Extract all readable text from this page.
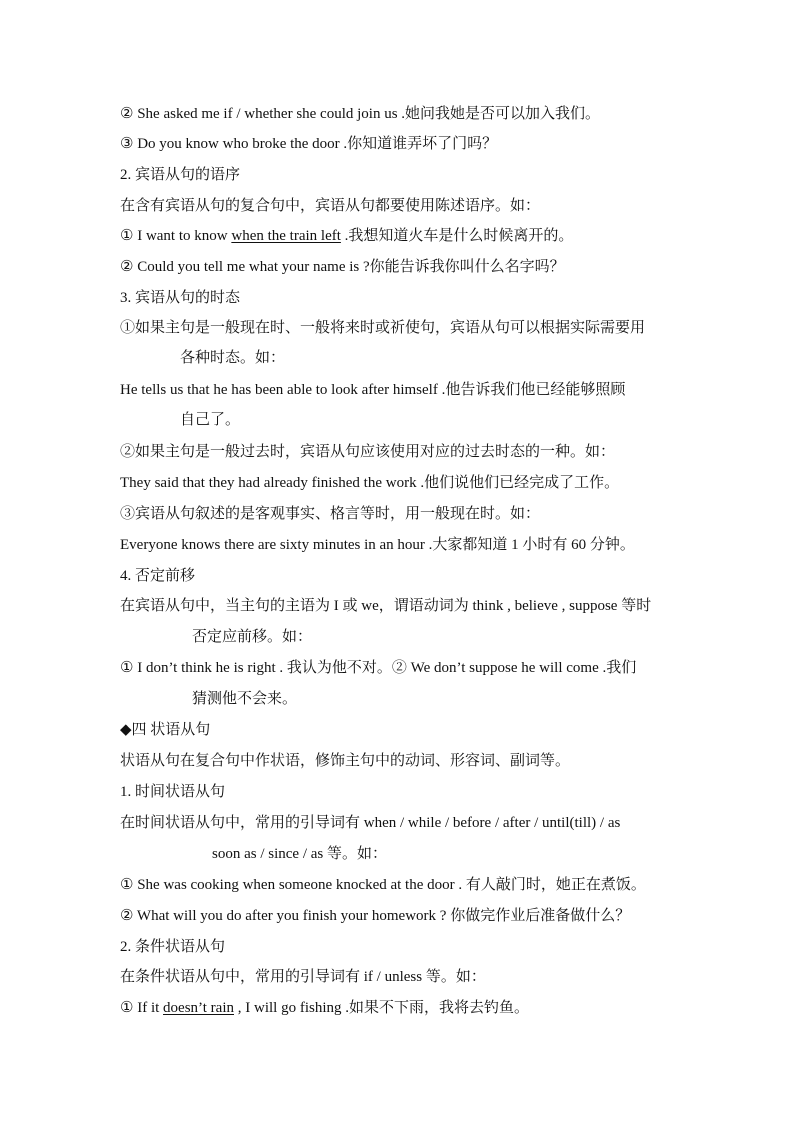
② She asked me if / whether she could join us .她问我她是否可以加入我们。
③ Do you know who broke the door .你知道谁弄坏了门吗？
2. 宾语从句的语序
在含有宾语从句的复合句中，宾语从句都要使用陈述语序。如：
① I want to know when the train left .我想知道火车是什么时候离开的。
② Could you tell me what your name is ?你能告诉我你叫什么名字吗？
3. 宾语从句的时态
①如果主句是一般现在时、一般将来时或祈使句，宾语从句可以根据实际需要用
各种时态。如：
He tells us that he has been able to look after himself .他告诉我们他已经能够照顾
自己了。
②如果主句是一般过去时，宾语从句应该使用对应的过去时态的一种。如：
They said that they had already finished the work .他们说他们已经完成了工作。
③宾语从句叙述的是客观事实、格言等时，用一般现在时。如：
Everyone knows there are sixty minutes in an hour .大家都知道 1 小时有 60 分钟。
4. 否定前移
在宾语从句中，当主句的主语为 I 或 we，谓语动词为 think , believe , suppose 等时
否定应前移。如：
① I don’t think he is right . 我认为他不对。② We don’t suppose he will come .我们
猜测他不会来。
◆四 状语从句
状语从句在复合句中作状语，修饰主句中的动词、形容词、副词等。
1. 时间状语从句
在时间状语从句中，常用的引导词有 when / while / before / after / until(till) / as
soon as / since / as 等。如：
① She was cooking when someone knocked at the door . 有人敲门时，她正在煮饭。
② What will you do after you finish your homework ? 你做完作业后准备做什么？
2. 条件状语从句
在条件状语从句中，常用的引导词有 if / unless 等。如：
① If it doesn’t rain , I will go fishing .如果不下雨，我将去钓鱼。
